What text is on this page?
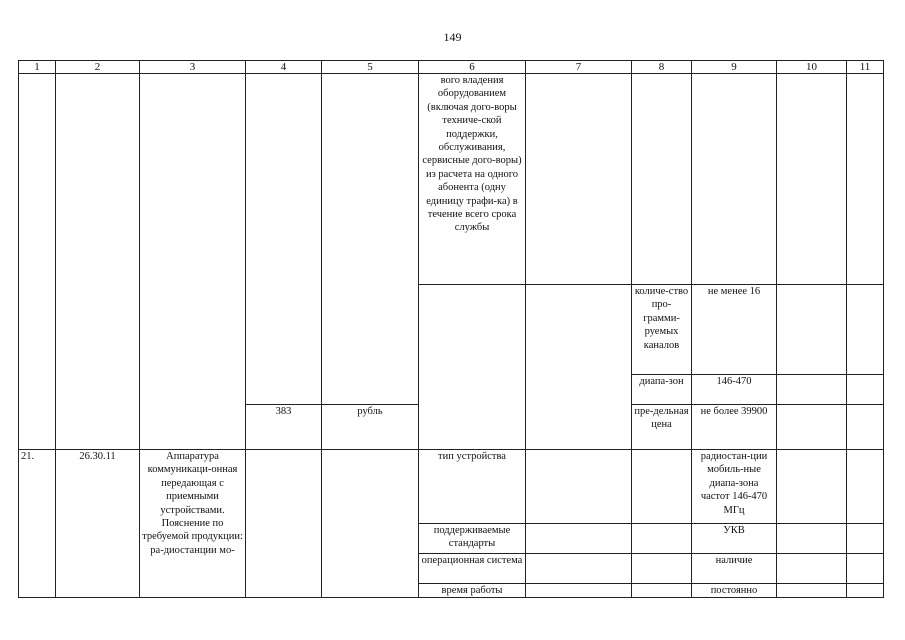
149
1	2	3	4	5	6	7	8	9	10	11
					вого владения оборудованием (включая дого-воры техниче-ской поддержки, обслуживания, сервисные дого-воры) из расчета на одного абонента (одну единицу трафи-ка) в течение всего срока службы					
							количе-ство про-грамми-руемых каналов	не менее 16		
							диапа-зон	146-470		
			383	рубль			пре-дельная цена	не более 39900		
21.	26.30.11	Аппаратура коммуникаци-онная передающая с приемными устройствами. Пояснение по требуемой продукции: ра-диостанции мо-			тип устройства			радиостан-ции мобиль-ные диапа-зона частот 146-470 МГц		
					поддерживаемые стандарты			УКВ		
					операционная система			наличие		
					время работы			постоянно		
